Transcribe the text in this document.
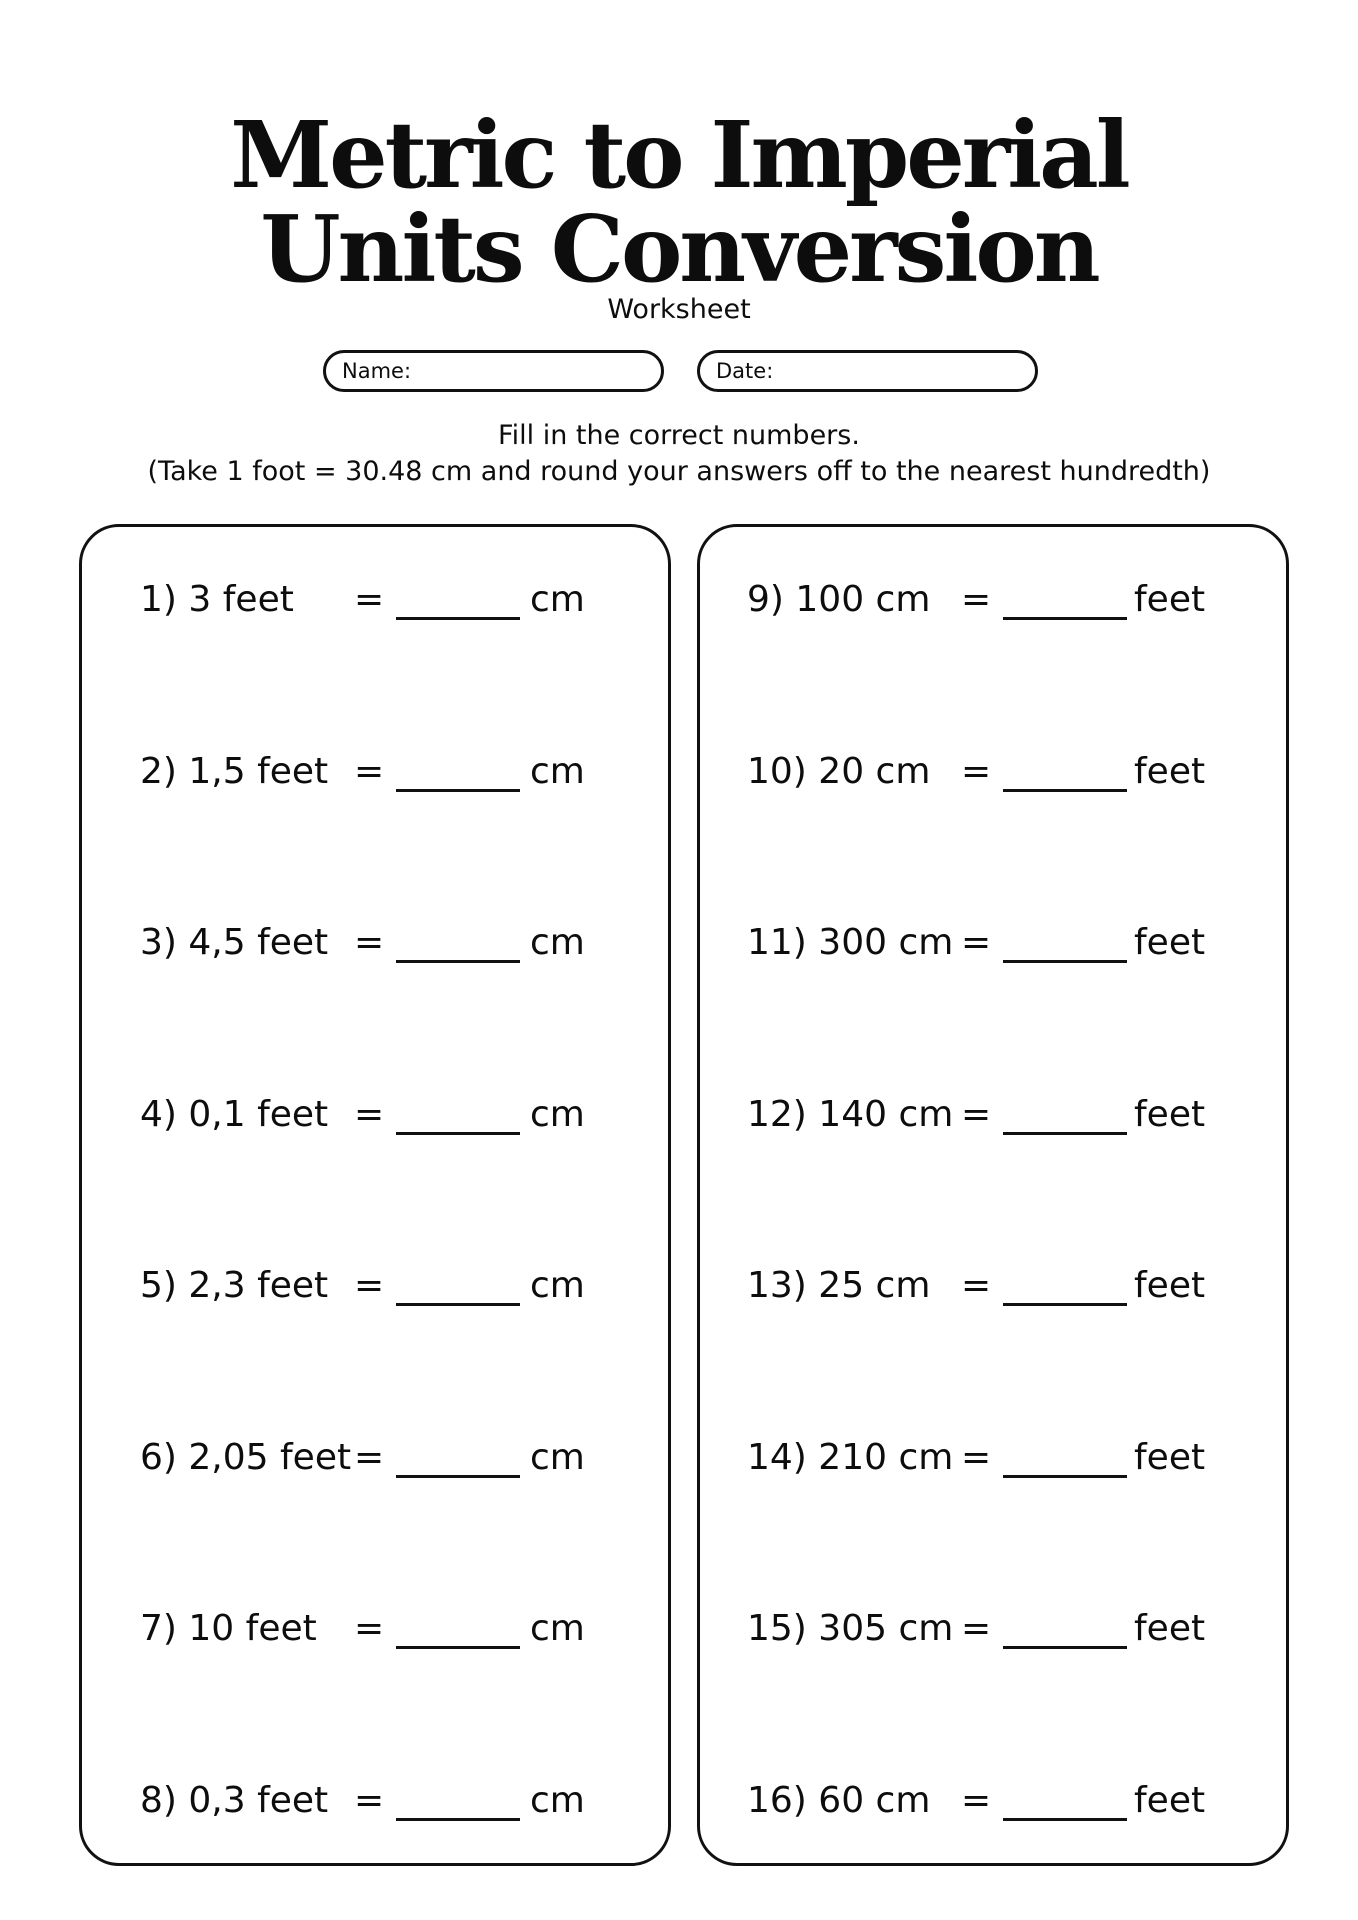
Metric to Imperial
Units Conversion
Worksheet
Name:	Date:
Fill in the correct numbers.
(Take 1 foot = 30.48 cm and round your answers off to the nearest hundredth)
1) 3 feet =	cm
2) 1,5 feet =	cm
3) 4,5 feet =	cm
4) 0,1 feet =	cm
5) 2,3 feet =	cm
6) 2,05 feet =	cm
7) 10 feet =	cm
8) 0,3 feet =	cm
9) 100 cm =	feet
10) 20 cm =	feet
11) 300 cm =	feet
12) 140 cm =	feet
13) 25 cm =	feet
14) 210 cm =	feet
15) 305 cm =	feet
16) 60 cm =	feet
